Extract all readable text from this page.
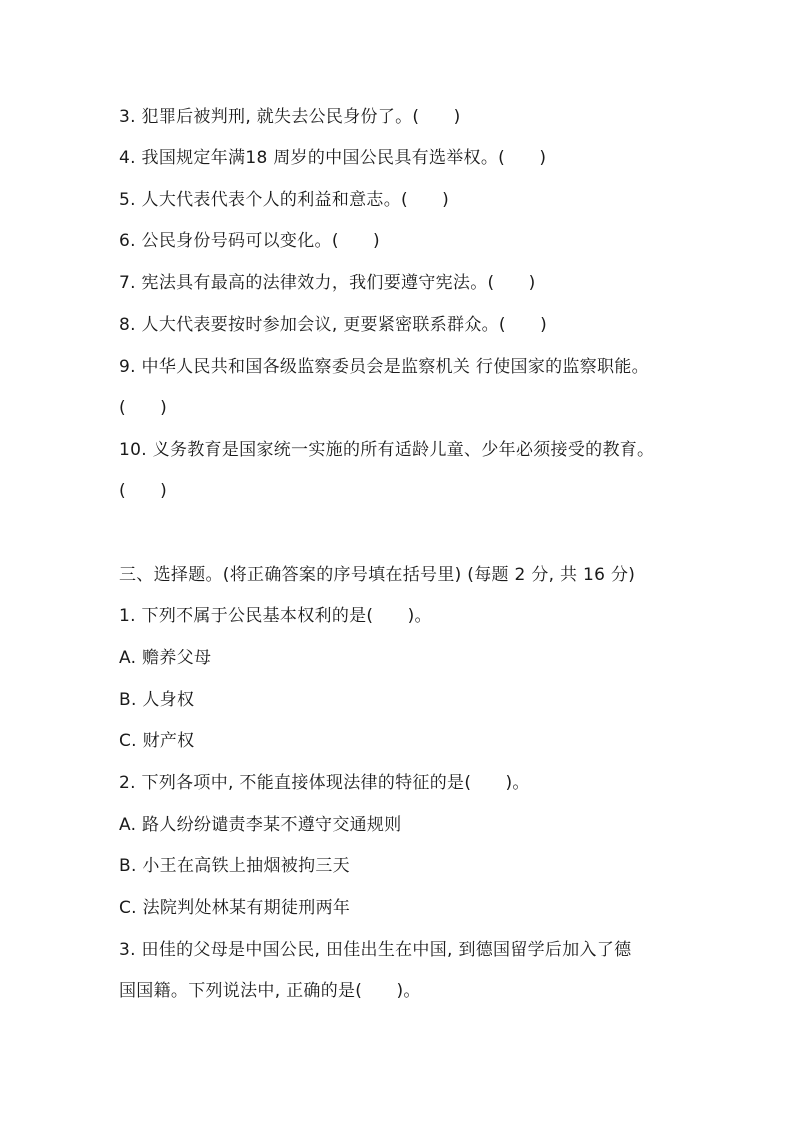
3. 犯罪后被判刑, 就失去公民身份了。(      )

4. 我国规定年满18 周岁的中国公民具有选举权。(      )

5. 人大代表代表个人的利益和意志。(      )

6. 公民身份号码可以变化。(      )

7. 宪法具有最高的法律效力，我们要遵守宪法。(      )

8. 人大代表要按时参加会议, 更要紧密联系群众。(      )

9. 中华人民共和国各级监察委员会是监察机关 行使国家的监察职能。

(      )

10. 义务教育是国家统一实施的所有适龄儿童、少年必须接受的教育。

(      )

三、选择题。(将正确答案的序号填在括号里) (每题 2 分, 共 16 分)

1. 下列不属于公民基本权利的是(      )。

A. 赡养父母

B. 人身权

C. 财产权

2. 下列各项中, 不能直接体现法律的特征的是(      )。

A. 路人纷纷谴责李某不遵守交通规则

B. 小王在高铁上抽烟被拘三天

C. 法院判处林某有期徒刑两年

3. 田佳的父母是中国公民, 田佳出生在中国, 到德国留学后加入了德

国国籍。下列说法中, 正确的是(      )。
